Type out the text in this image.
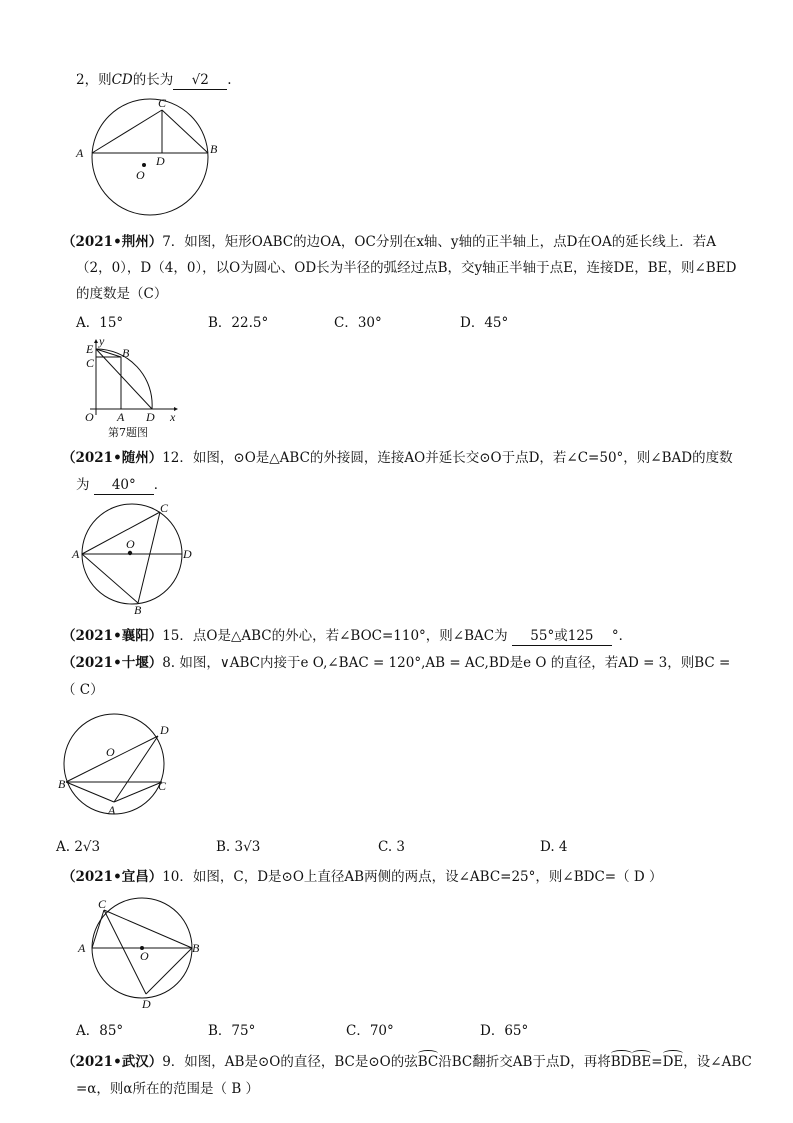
2，则CD的长为 √2 .
A	B
C
D
O
（2021•荆州）7．如图，矩形OABC的边OA，OC分别在x轴、y轴的正半轴上，点D在OA的延长线上．若A
（2，0），D（4，0），以O为圆心、OD长为半径的弧经过点B，交y轴正半轴于点E，连接DE，BE，则∠BED
的度数是（C）
A．15°	B．22.5°	C．30°	D．45°
E
y
B
C
O A D x
第7题图
（2021•随州）12．如图，⊙O是△ABC的外接圆，连接AO并延长交⊙O于点D，若∠C=50°，则∠BAD的度数
为 40° ．
A
B
C
D
O
（2021•襄阳）15．点O是△ABC的外心，若∠BOC=110°，则∠BAC为 55°或125 °．
（2021•十堰）8. 如图，∨ABC内接于e O,∠BAC = 120°,AB = AC,BD是e O 的直径，若AD = 3，则BC =
（ C）
O
D
B	C
A
A. 2√3	B. 3√3	C. 3	D. 4
（2021•宜昌）10．如图，C，D是⊙O上直径AB两侧的两点，设∠ABC=25°，则∠BDC=（ D ）
C
A
O
B
D
A．85°	B．75°	C．70°	D．65°
（2021•武汉）9．如图，AB是⊙O的直径，BC是⊙O的弦BC沿BC翻折交AB于点D，再将BDBE=DE，设∠ABC
=α，则α所在的范围是（ B ）
